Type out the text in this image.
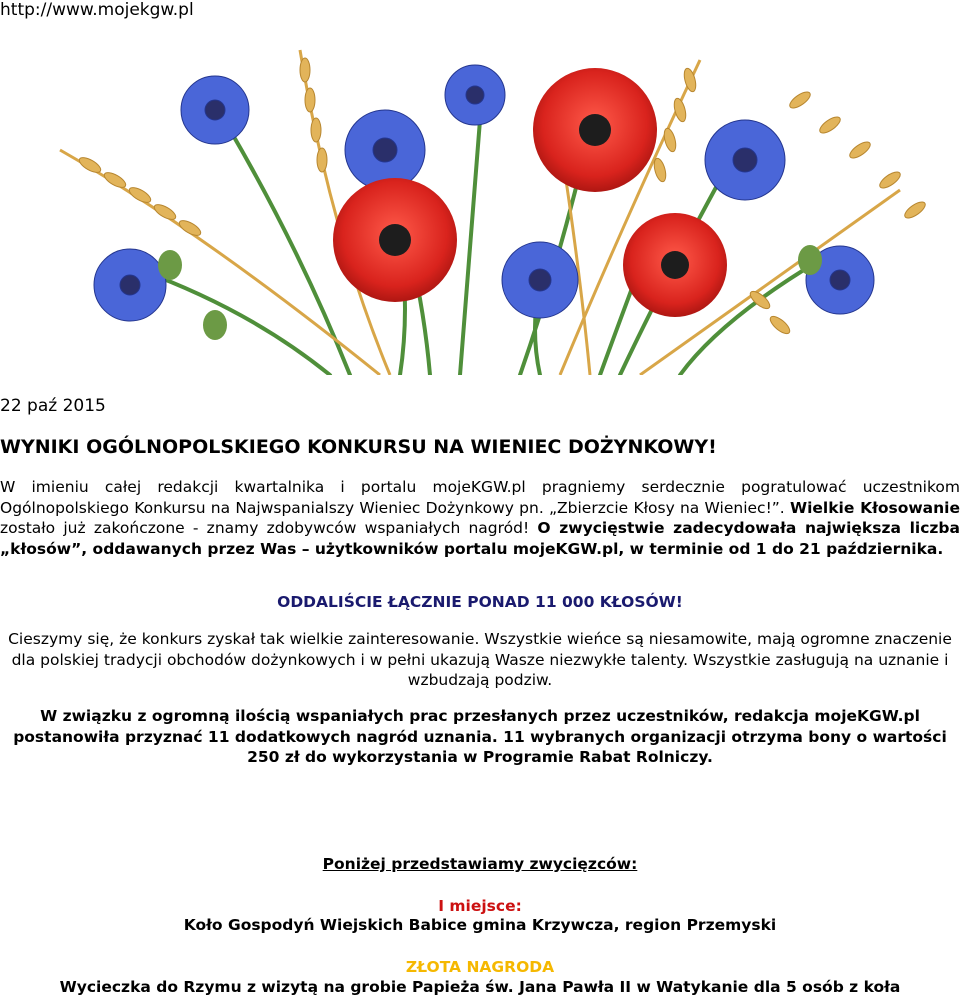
http://www.mojekgw.pl
22 paź 2015
WYNIKI OGÓLNOPOLSKIEGO KONKURSU NA WIENIEC DOŻYNKOWY!

W imieniu całej redakcji kwartalnika i portalu mojeKGW.pl pragniemy serdecznie pogratulować uczestnikom Ogólnopolskiego Konkursu na Najwspanialszy Wieniec Dożynkowy pn. „Zbierzcie Kłosy na Wieniec!”. Wielkie Kłosowanie zostało już zakończone - znamy zdobywców wspaniałych nagród! O zwycięstwie zadecydowała największa liczba „kłosów”, oddawanych przez Was – użytkowników portalu mojeKGW.pl, w terminie od 1 do 21 października.

ODDALIŚCIE ŁĄCZNIE PONAD 11 000 KŁOSÓW!

Cieszymy się, że konkurs zyskał tak wielkie zainteresowanie. Wszystkie wieńce są niesamowite, mają ogromne znaczenie dla polskiej tradycji obchodów dożynkowych i w pełni ukazują Wasze niezwykłe talenty. Wszystkie zasługują na uznanie i wzbudzają podziw.

W związku z ogromną ilością wspaniałych prac przesłanych przez uczestników, redakcja mojeKGW.pl postanowiła przyznać 11 dodatkowych nagród uznania. 11 wybranych organizacji otrzyma bony o wartości 250 zł do wykorzystania w Programie Rabat Rolniczy.

Poniżej przedstawiamy zwycięzców:
I miejsce:
Koło Gospodyń Wiejskich Babice gmina Krzywcza, region Przemyski
ZŁOTA NAGRODA
Wycieczka do Rzymu z wizytą na grobie Papieża św. Jana Pawła II w Watykanie dla 5 osób z koła
